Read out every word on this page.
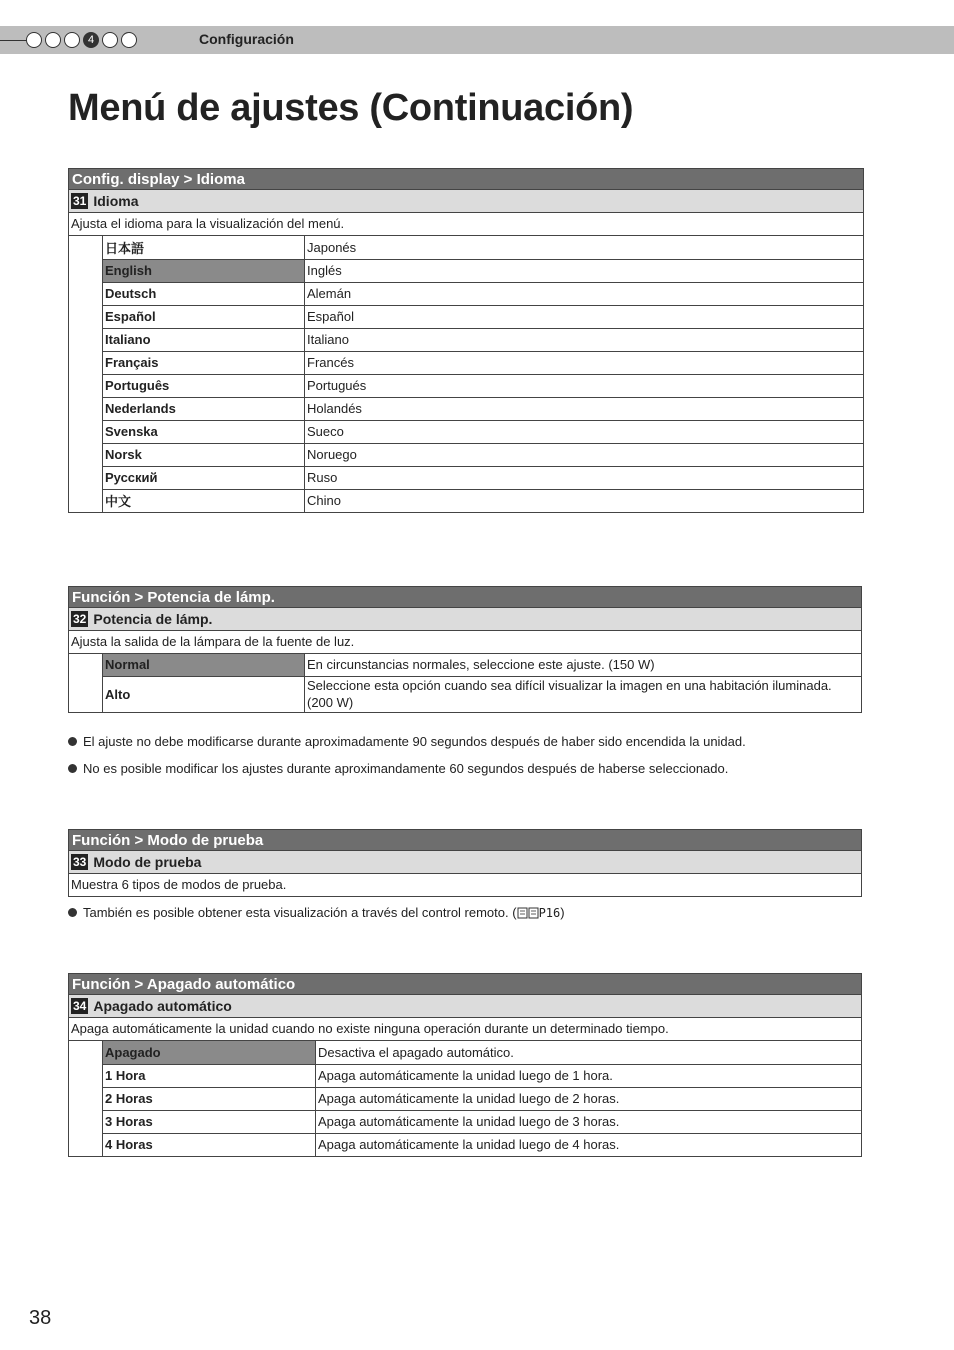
4	Configuración
Menú de ajustes (Continuación)
Config. display > Idioma
31 Idioma
Ajusta el idioma para la visualización del menú.
日本語	Japonés
English	Inglés
Deutsch	Alemán
Español	Español
Italiano	Italiano
Français	Francés
Português	Portugués
Nederlands	Holandés
Svenska	Sueco
Norsk	Noruego
Русский	Ruso
中文	Chino
Función > Potencia de lámp.
32 Potencia de lámp.
Ajusta la salida de la lámpara de la fuente de luz.
Normal	En circunstancias normales, seleccione este ajuste. (150 W)
Alto	Seleccione esta opción cuando sea difícil visualizar la imagen en una habitación iluminada. (200 W)
El ajuste no debe modificarse durante aproximadamente 90 segundos después de haber sido encendida la unidad.
No es posible modificar los ajustes durante aproximandamente 60 segundos después de haberse seleccionado.
Función > Modo de prueba
33 Modo de prueba
Muestra 6 tipos de modos de prueba.
También es posible obtener esta visualización a través del control remoto. ( P16 )
Función > Apagado automático
34 Apagado automático
Apaga automáticamente la unidad cuando no existe ninguna operación durante un determinado tiempo.
Apagado	Desactiva el apagado automático.
1 Hora	Apaga automáticamente la unidad luego de 1 hora.
2 Horas	Apaga automáticamente la unidad luego de 2 horas.
3 Horas	Apaga automáticamente la unidad luego de 3 horas.
4 Horas	Apaga automáticamente la unidad luego de 4 horas.
38
